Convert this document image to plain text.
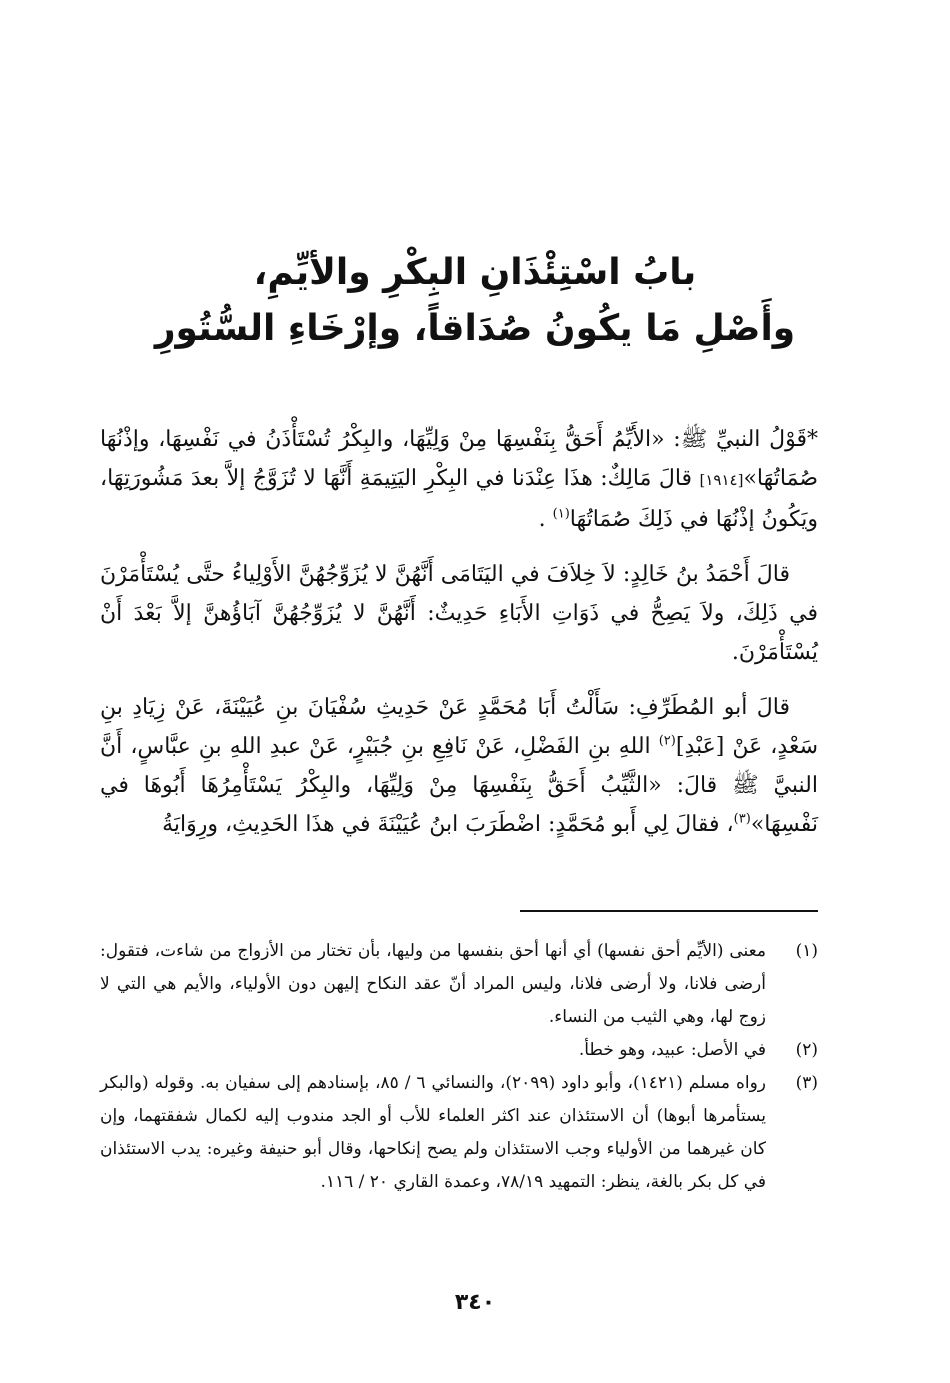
بابُ اسْتِئْذَانِ البِكْرِ والأيِّمِ،
وأَصْلِ مَا يكُونُ صُدَاقاً، وإرْخَاءِ السُّتُورِ

*قَوْلُ النبيِّ ﷺ: «الأَيِّمُ أَحَقُّ بِنَفْسِهَا مِنْ وَلِيِّهَا، والبِكْرُ تُسْتَأْذَنُ في نَفْسِهَا، وإذْنُهَا صُمَاتُهَا»[١٩١٤] قالَ مَالِكٌ: هذَا عِنْدَنا في البِكْرِ اليَتِيمَةِ أَنَّهَا لا تُزَوَّجُ إلاَّ بعدَ مَشُورَتِهَا، ويَكُونُ إذْنُهَا في ذَلِكَ صُمَاتُهَا$^{(١)}$ .

قالَ أَحْمَدُ بنُ خَالِدٍ: لاَ خِلاَفَ في اليَتَامَى أَنَّهُنَّ لا يُزَوِّجُهُنَّ الأَوْلِياءُ حتَّى يُسْتَأْمَرْنَ في ذَلِكَ، ولاَ يَصِحُّ في ذَوَاتِ الأَبَاءِ حَدِيثٌ: أَنَّهُنَّ لا يُزَوِّجُهُنَّ آبَاؤُهنَّ إلاَّ بَعْدَ أَنْ يُسْتَأْمَرْنَ.

قالَ أبو المُطَرِّفِ: سَأَلْتُ أَبَا مُحَمَّدٍ عَنْ حَدِيثِ سُفْيَانَ بنِ عُيَيْنَةَ، عَنْ زِيَادِ بنِ سَعْدٍ، عَنْ [عَبْدِ]$^{(٢)}$ اللهِ بنِ الفَضْلِ، عَنْ نَافِعِ بنِ جُبَيْرٍ، عَنْ عبدِ اللهِ بنِ عبَّاسٍ، أَنَّ النبيَّ ﷺ قالَ: «الثَّيِّبُ أَحَقُّ بِنَفْسِهَا مِنْ وَلِيِّهَا، والبِكْرُ يَسْتَأْمِرُهَا أَبُوهَا في نَفْسِهَا»$^{(٣)}$، فقالَ لِي أَبو مُحَمَّدٍ: اضْطَرَبَ ابنُ عُيَيْنَةَ في هذَا الحَدِيثِ، ورِوَايَةُ

(١)
معنى (الأيِّم أحق نفسها) أي أنها أحق بنفسها من وليها، بأن تختار من الأزواج من شاءت، فتقول: أرضى فلانا، ولا أرضى فلانا، وليس المراد أنّ عقد النكاح إليهن دون الأولياء، والأيم هي التي لا زوج لها، وهي الثيب من النساء.
(٢)
في الأصل: عبيد، وهو خطأ.
(٣)
رواه مسلم (١٤٢١)، وأبو داود (٢٠٩٩)، والنسائي ٦ / ٨٥، بإسنادهم إلى سفيان به. وقوله (والبكر يستأمرها أبوها) أن الاستئذان عند اكثر العلماء للأب أو الجد مندوب إليه لكمال شفقتهما، وإن كان غيرهما من الأولياء وجب الاستئذان ولم يصح إنكاحها، وقال أبو حنيفة وغيره: يدب الاستئذان في كل بكر بالغة، ينظر: التمهيد ٧٨/١٩، وعمدة القاري ٢٠ / ١١٦.
٣٤٠
